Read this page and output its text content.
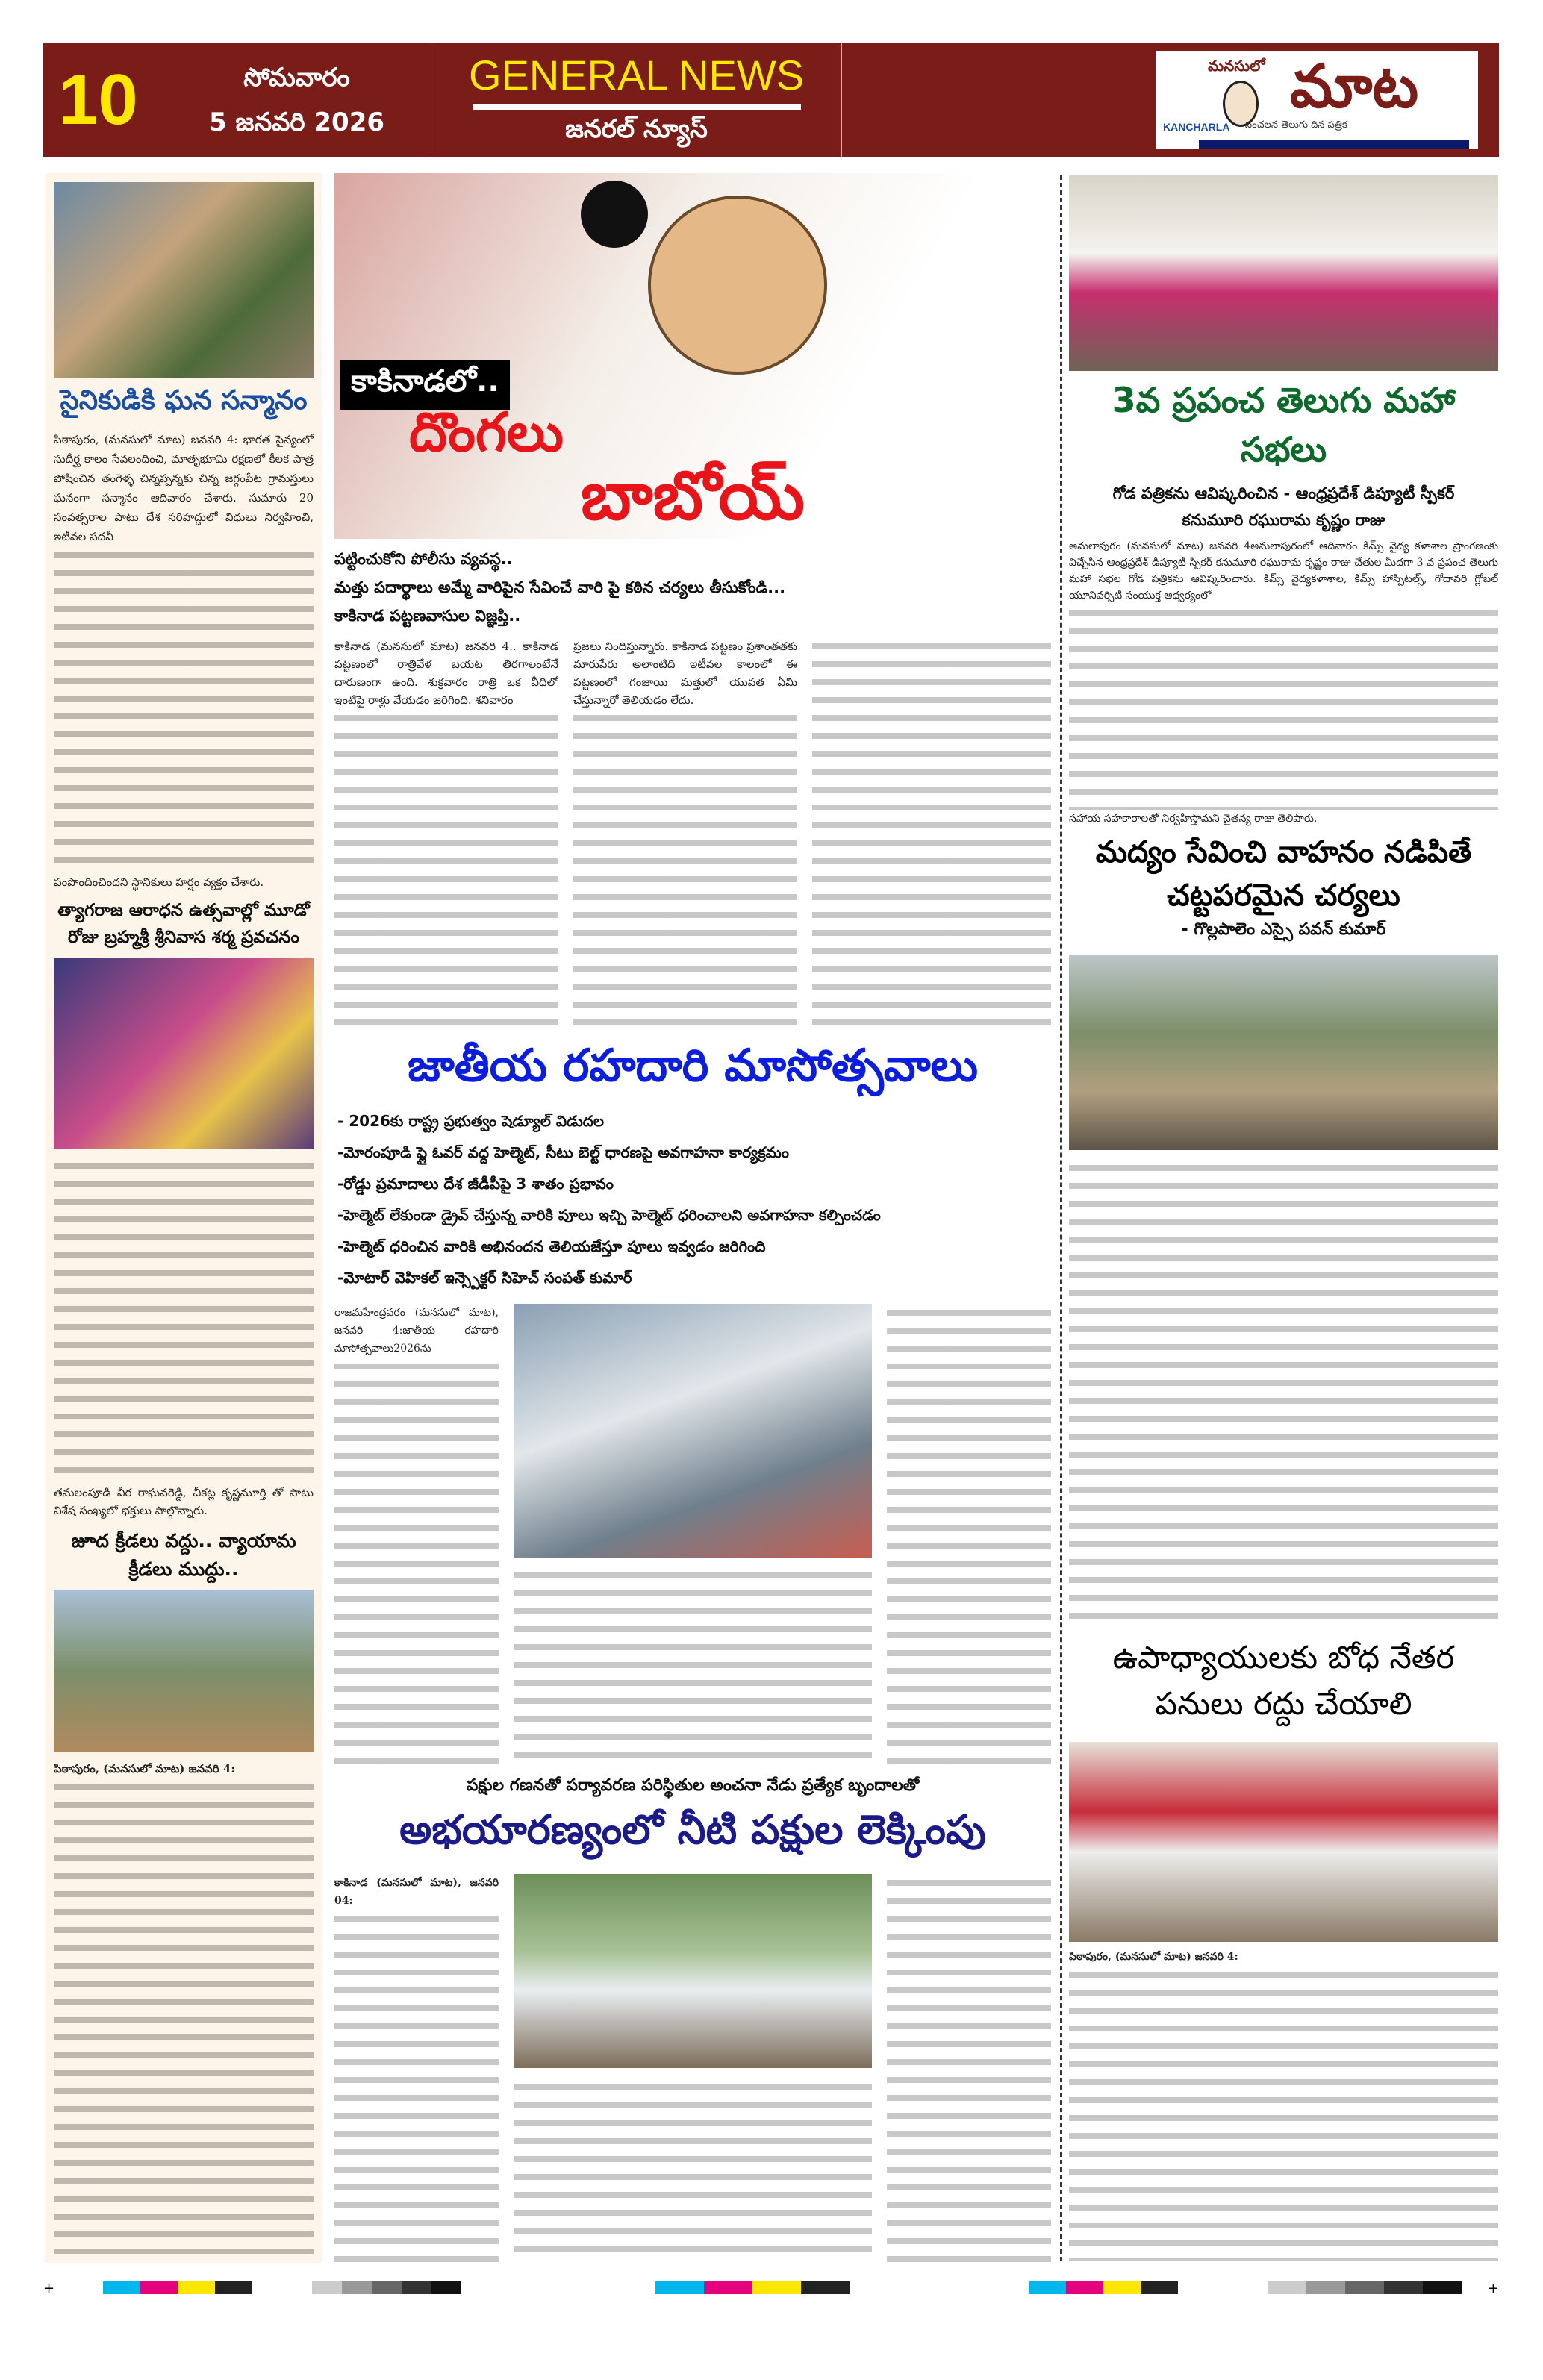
10	సోమవారం
5 జనవరి 2026
GENERAL NEWS
జనరల్ న్యూస్
మనసులో మాట
KANCHARLA సంచలన తెలుగు దిన పత్రిక
సైనికుడికి ఘన సన్మానం
పిఠాపురం, (మనసులో మాట) జనవరి 4: భారత సైన్యంలో సుదీర్ఘ కాలం సేవలందించి, మాతృభూమి రక్షణలో కీలక పాత్ర పోషించిన తంగెళ్ళ చిన్నప్పన్నకు చిన్న జగ్గంపేట గ్రామస్తులు ఘనంగా సన్మానం ఆదివారం చేశారు. సుమారు 20 సంవత్సరాల పాటు దేశ సరిహద్దులో విధులు నిర్వహించి, ఇటీవల పదవీ
పంపొందించిందని స్థానికులు హర్షం వ్యక్తం చేశారు.
త్యాగరాజ ఆరాధన ఉత్సవాల్లో మూడో రోజు బ్రహ్మశ్రీ శ్రీనివాస శర్మ ప్రవచనం
తమలంపూడి వీర రాఘవరెడ్డి, చీకట్ల కృష్ణమూర్తి తో పాటు విశేష సంఖ్యలో భక్తులు పాల్గొన్నారు.
జూద క్రీడలు వద్దు.. వ్యాయామ క్రీడలు ముద్దు..
పిఠాపురం, (మనసులో మాట) జనవరి 4:
కాకినాడలో..
దొంగలు
బాబోయ్
పట్టించుకోని పోలీసు వ్యవస్థ..
మత్తు పదార్థాలు అమ్మే వారిపైన సేవించే వారి పై కఠిన చర్యలు తీసుకోండి...
కాకినాడ పట్టణవాసుల విజ్ఞప్తి..
కాకినాడ (మనసులో మాట) జనవరి 4.. కాకినాడ పట్టణంలో రాత్రివేళ బయట తిరగాలంటేనే దారుణంగా ఉంది. శుక్రవారం రాత్రి ఒక వీధిలో ఇంటిపై రాళ్లు వేయడం జరిగింది. శనివారం
ప్రజలు నిందిస్తున్నారు. కాకినాడ పట్టణం ప్రశాంతతకు మారుపేరు అలాంటిది ఇటీవల కాలంలో ఈ పట్టణంలో గంజాయి మత్తులో యువత ఏమి చేస్తున్నారో తెలియడం లేదు.
జాతీయ రహదారి మాసోత్సవాలు
- 2026కు రాష్ట్ర ప్రభుత్వం షెడ్యూల్ విడుదల
-మోరంపూడి ఫ్లై ఓవర్ వద్ద హెల్మెట్, సీటు బెల్ట్ ధారణపై అవగాహనా కార్యక్రమం
-రోడ్డు ప్రమాదాలు దేశ జీడీపీపై 3 శాతం ప్రభావం
-హెల్మెట్ లేకుండా డ్రైవ్ చేస్తున్న వారికి పూలు ఇచ్చి హెల్మెట్ ధరించాలని అవగాహనా కల్పించడం
-హెల్మెట్ ధరించిన వారికి అభినందన తెలియజేస్తూ పూలు ఇవ్వడం జరిగింది
-మోటార్ వెహికల్ ఇన్స్పెక్టర్ సిహెచ్ సంపత్ కుమార్
రాజమహేంద్రవరం (మనసులో మాట), జనవరి 4:జాతీయ రహదారి మాసోత్సవాలు2026ను
పక్షుల గణనతో పర్యావరణ పరిస్థితుల అంచనా నేడు ప్రత్యేక బృందాలతో
అభయారణ్యంలో నీటి పక్షుల లెక్కింపు
కాకినాడ (మనసులో మాట), జనవరి 04:
3వ ప్రపంచ తెలుగు మహా సభలు
గోడ పత్రికను ఆవిష్కరించిన - ఆంధ్రప్రదేశ్ డిప్యూటీ స్పీకర్
కనుమూరి రఘురామ కృష్ణం రాజు
అమలాపురం (మనసులో మాట) జనవరి 4అమలాపురంలో ఆదివారం కిమ్స్ వైద్య కళాశాల ప్రాంగణంకు విచ్చేసిన ఆంధ్రప్రదేశ్ డిప్యూటీ స్పీకర్ కనుమూరి రఘురామ కృష్ణం రాజు చేతుల మీదగా 3 వ ప్రపంచ తెలుగు మహా సభల గోడ పత్రికను ఆవిష్కరించారు. కిమ్స్ వైద్యకళాశాల, కిమ్స్ హాస్పిటల్స్, గోదావరి గ్లోబల్ యూనివర్సిటీ సంయుక్త ఆధ్వర్యంలో
సహాయ సహకారాలతో నిర్వహిస్తామని చైతన్య రాజు తెలిపారు.
మద్యం సేవించి వాహనం నడిపితే చట్టపరమైన చర్యలు
- గొల్లపాలెం ఎస్సై పవన్ కుమార్
ఉపాధ్యాయులకు బోధ నేతర పనులు రద్దు చేయాలి
పిఠాపురం, (మనసులో మాట) జనవరి 4:
+	+
